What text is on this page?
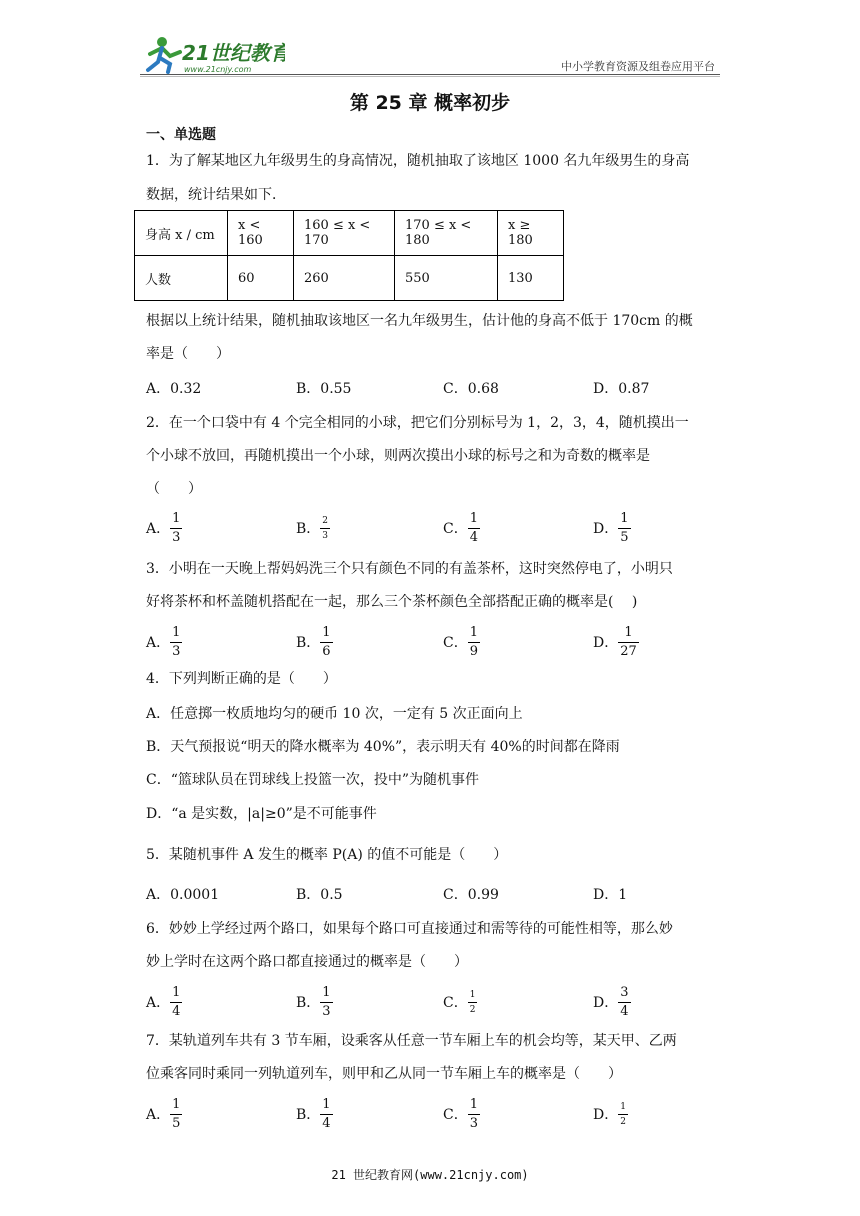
21世纪教育
www.21cnjy.com	中小学教育资源及组卷应用平台
第 25 章 概率初步
一、单选题
1．为了解某地区九年级男生的身高情况，随机抽取了该地区 1000 名九年级男生的身高
数据，统计结果如下．
身高 x / cm	x < 160	160 ≤ x < 170	170 ≤ x < 180	x ≥ 180
人数	60	260	550	130
根据以上统计结果，随机抽取该地区一名九年级男生，估计他的身高不低于 170cm 的概
率是（　　）
A．0.32	B．0.55	C．0.68	D．0.87
2．在一个口袋中有 4 个完全相同的小球，把它们分别标号为 1，2，3，4，随机摸出一
个小球不放回，再随机摸出一个小球，则两次摸出小球的标号之和为奇数的概率是
（　　）
A． $\frac{1}{3}$	B． $\frac{2}{3}$	C． $\frac{1}{4}$	D． $\frac{1}{5}$
3．小明在一天晚上帮妈妈洗三个只有颜色不同的有盖茶杯，这时突然停电了，小明只
好将茶杯和杯盖随机搭配在一起，那么三个茶杯颜色全部搭配正确的概率是(　 )
A． $\frac{1}{3}$	B． $\frac{1}{6}$	C． $\frac{1}{9}$	D． $\frac{1}{27}$
4．下列判断正确的是（　　）
A．任意掷一枚质地均匀的硬币 10 次，一定有 5 次正面向上
B．天气预报说“明天的降水概率为 40%”，表示明天有 40%的时间都在降雨
C．“篮球队员在罚球线上投篮一次，投中”为随机事件
D．“a 是实数，|a|≥0”是不可能事件
5．某随机事件 A 发生的概率 P(A) 的值不可能是（　　）
A．0.0001	B．0.5	C．0.99	D．1
6．妙妙上学经过两个路口，如果每个路口可直接通过和需等待的可能性相等，那么妙
妙上学时在这两个路口都直接通过的概率是（　　）
A． $\frac{1}{4}$	B． $\frac{1}{3}$	C． $\frac{1}{2}$	D． $\frac{3}{4}$
7．某轨道列车共有 3 节车厢，设乘客从任意一节车厢上车的机会均等，某天甲、乙两
位乘客同时乘同一列轨道列车，则甲和乙从同一节车厢上车的概率是（　　）
A． $\frac{1}{5}$	B． $\frac{1}{4}$	C． $\frac{1}{3}$	D． $\frac{1}{2}$
21 世纪教育网(www.21cnjy.com)
